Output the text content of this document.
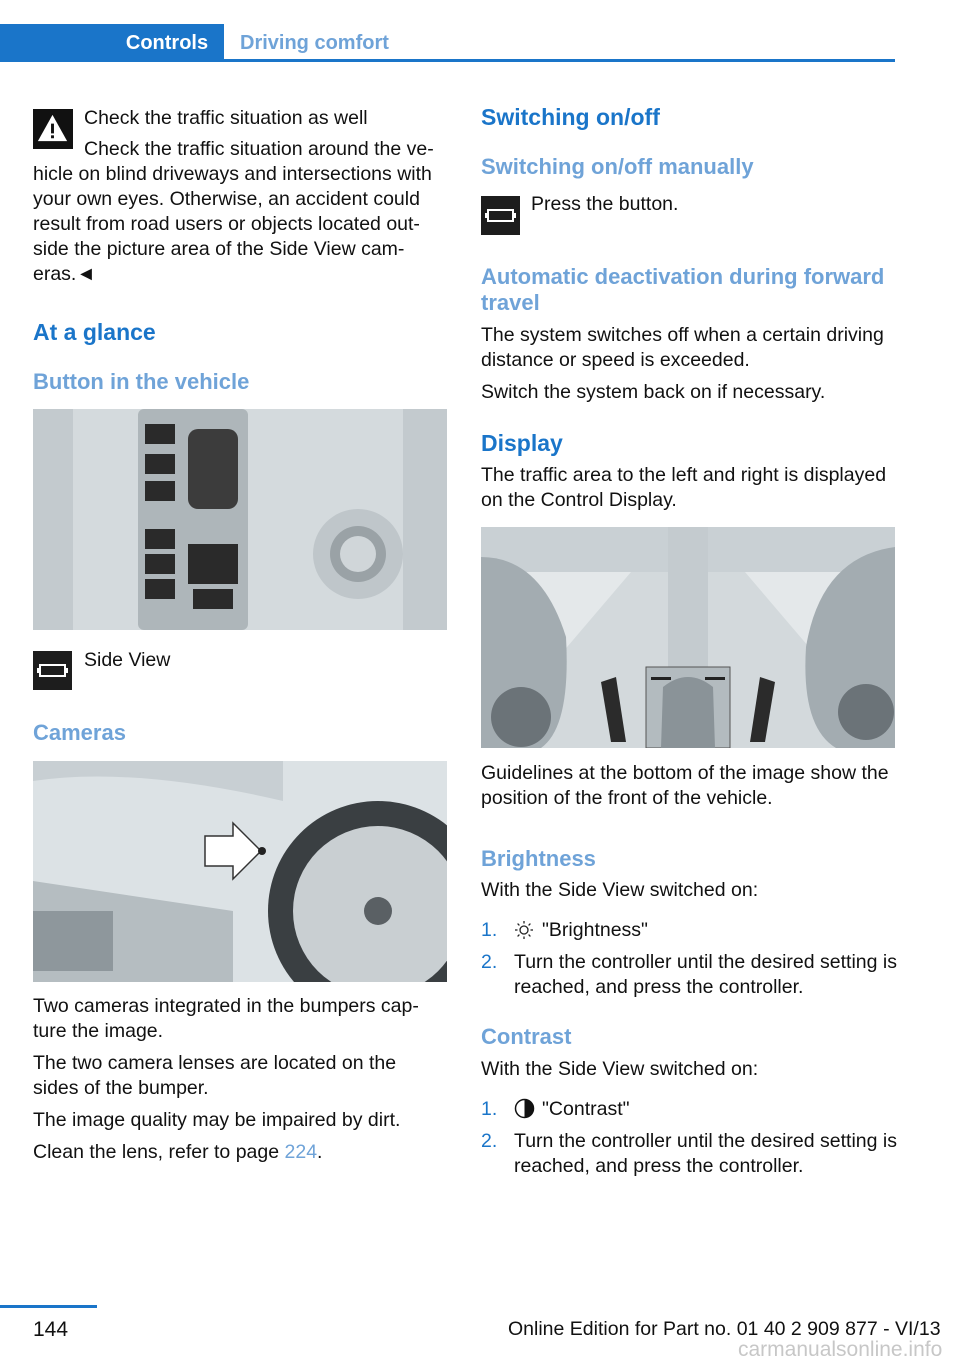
Controls	Driving comfort
Check the traffic situation as well
Check the traffic situation around the ve-
hicle on blind driveways and intersections with your own eyes. Otherwise, an accident could result from road users or objects located out-side the picture area of the Side View cam-eras.◄
At a glance
Button in the vehicle
Side View
Cameras
Two cameras integrated in the bumpers cap-ture the image.
The two camera lenses are located on the sides of the bumper.
The image quality may be impaired by dirt.
Clean the lens, refer to page 224.
Switching on/off
Switching on/off manually
Press the button.
Automatic deactivation during forward travel
The system switches off when a certain driving distance or speed is exceeded.
Switch the system back on if necessary.
Display
The traffic area to the left and right is displayed on the Control Display.
Guidelines at the bottom of the image show the position of the front of the vehicle.
Brightness
With the Side View switched on:
1. "Brightness"
2. Turn the controller until the desired setting is reached, and press the controller.
Contrast
With the Side View switched on:
1. "Contrast"
2. Turn the controller until the desired setting is reached, and press the controller.
144	Online Edition for Part no. 01 40 2 909 877 - VI/13
carmanualsonline.info
